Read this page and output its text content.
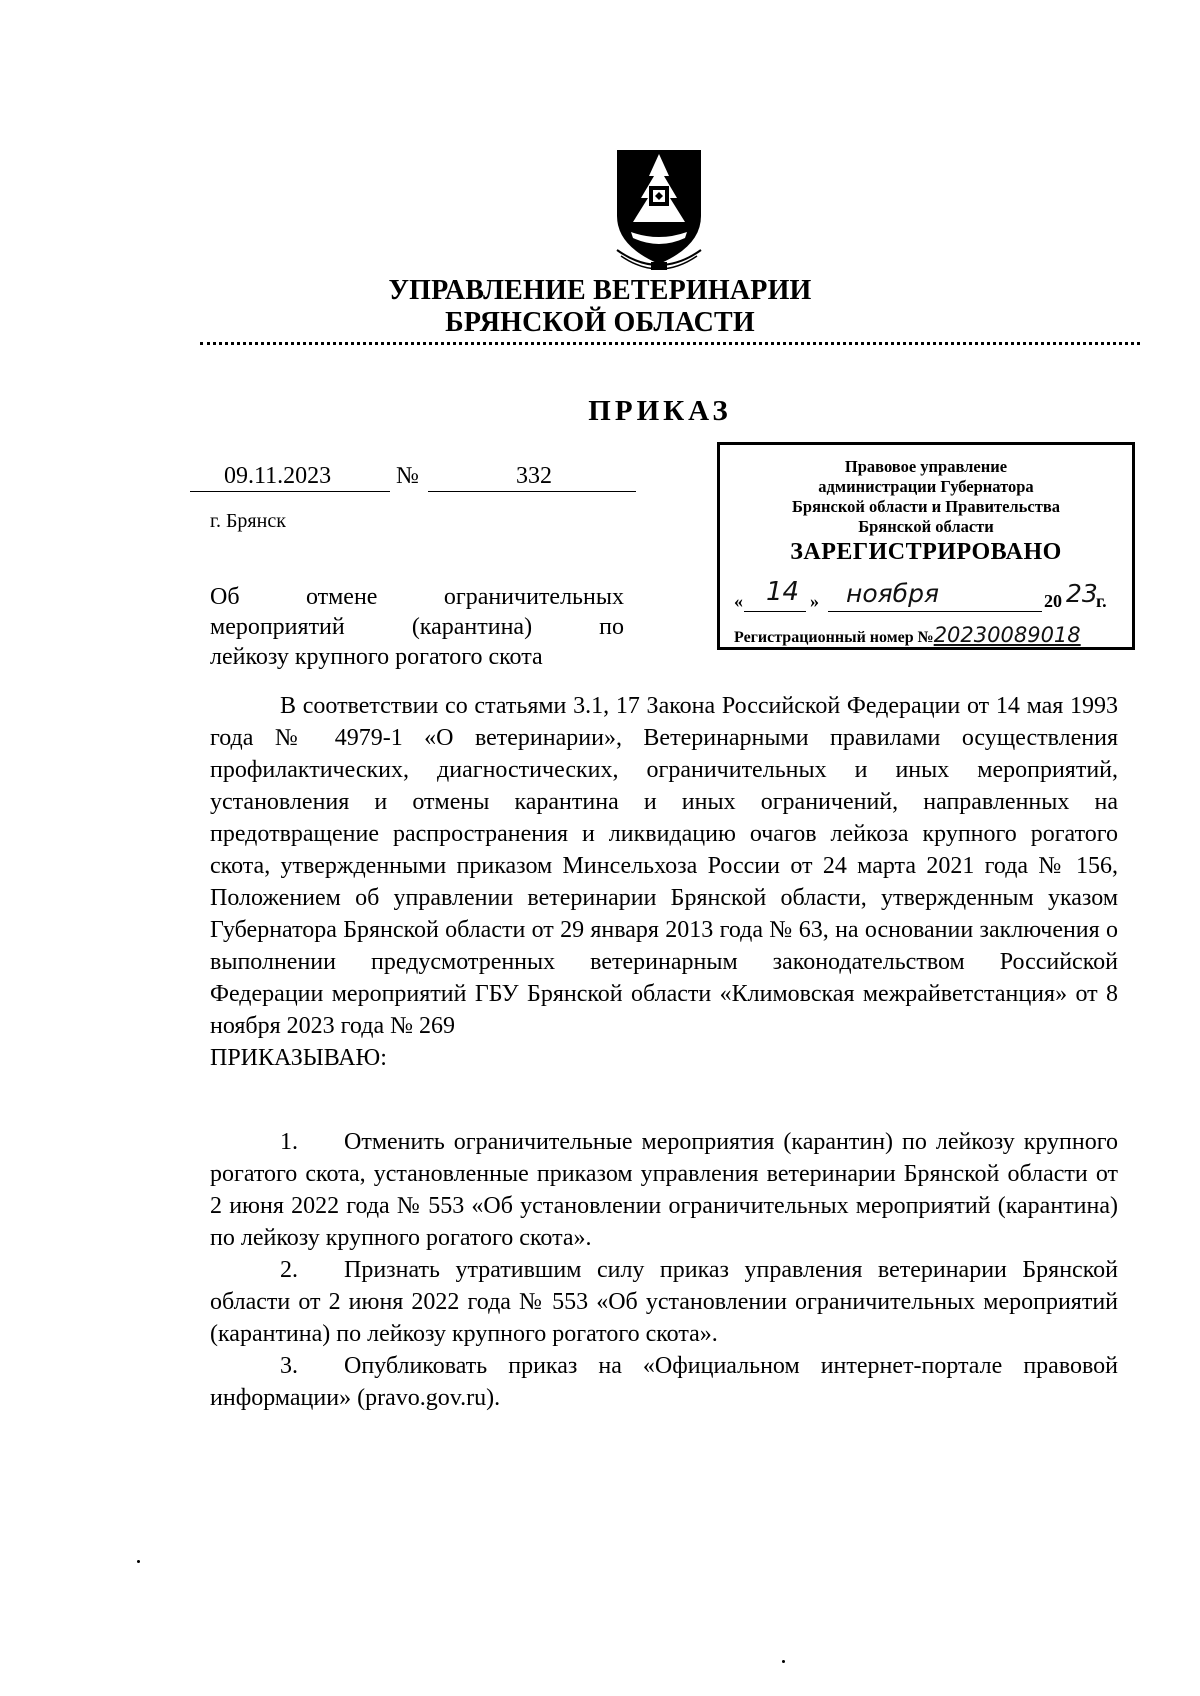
УПРАВЛЕНИЕ ВЕТЕРИНАРИИ
БРЯНСКОЙ ОБЛАСТИ
ПРИКАЗ
09.11.2023	№	332
г. Брянск
Об	отмене	ограничительных
мероприятий	(карантина)	по
лейкозу крупного рогатого скота
Правовое управление
администрации Губернатора
Брянской области и Правительства
Брянской области
ЗАРЕГИСТРИРОВАНО
« 14 » ноября	20 23
г.
Регистрационный номер №20230089018

В соответствии со статьями 3.1, 17 Закона Российской Федерации от 14 мая 1993 года № 4979-1 «О ветеринарии», Ветеринарными правилами осуществления профилактических, диагностических, ограничительных и иных мероприятий, установления и отмены карантина и иных ограничений, направленных на предотвращение распространения и ликвидацию очагов лейкоза крупного рогатого скота, утвержденными приказом Минсельхоза России от 24 марта 2021 года № 156, Положением об управлении ветеринарии Брянской области, утвержденным указом Губернатора Брянской области от 29 января 2013 года № 63, на основании заключения о выполнении предусмотренных ветеринарным законодательством Российской Федерации мероприятий ГБУ Брянской области «Климовская межрайветстанция» от 8 ноября 2023 года № 269

ПРИКАЗЫВАЮ:

1. Отменить ограничительные мероприятия (карантин) по лейкозу крупного рогатого скота, установленные приказом управления ветеринарии Брянской области от 2 июня 2022 года № 553 «Об установлении ограничительных мероприятий (карантина) по лейкозу крупного рогатого скота».

2. Признать утратившим силу приказ управления ветеринарии Брянской области от 2 июня 2022 года № 553 «Об установлении ограничительных мероприятий (карантина) по лейкозу крупного рогатого скота».

3. Опубликовать приказ на «Официальном интернет-портале правовой информации» (pravo.gov.ru).
